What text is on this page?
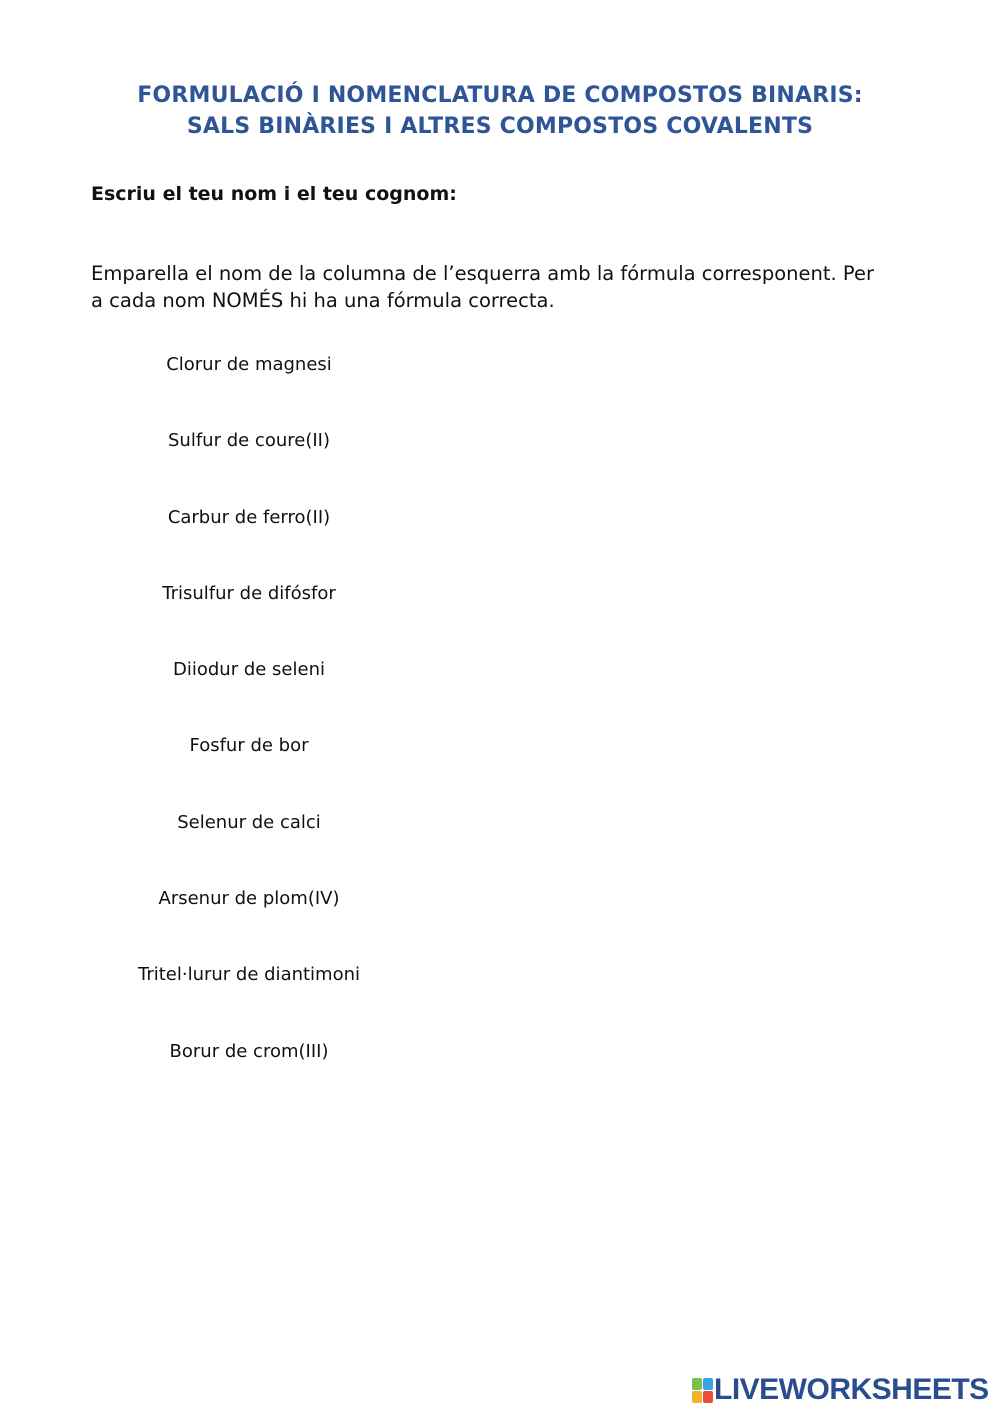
FORMULACIÓ I NOMENCLATURA DE COMPOSTOS BINARIS:
SALS BINÀRIES I ALTRES COMPOSTOS COVALENTS
Escriu el teu nom i el teu cognom:
Emparella el nom de la columna de l’esquerra amb la fórmula corresponent. Per
a cada nom NOMÉS hi ha una fórmula correcta.
Clorur de magnesi
Sulfur de coure(II)
Carbur de ferro(II)
Trisulfur de difósfor
Diiodur de seleni
Fosfur de bor
Selenur de calci
Arsenur de plom(IV)
Tritel·lurur de diantimoni
Borur de crom(III)
LIVEWORKSHEETS
